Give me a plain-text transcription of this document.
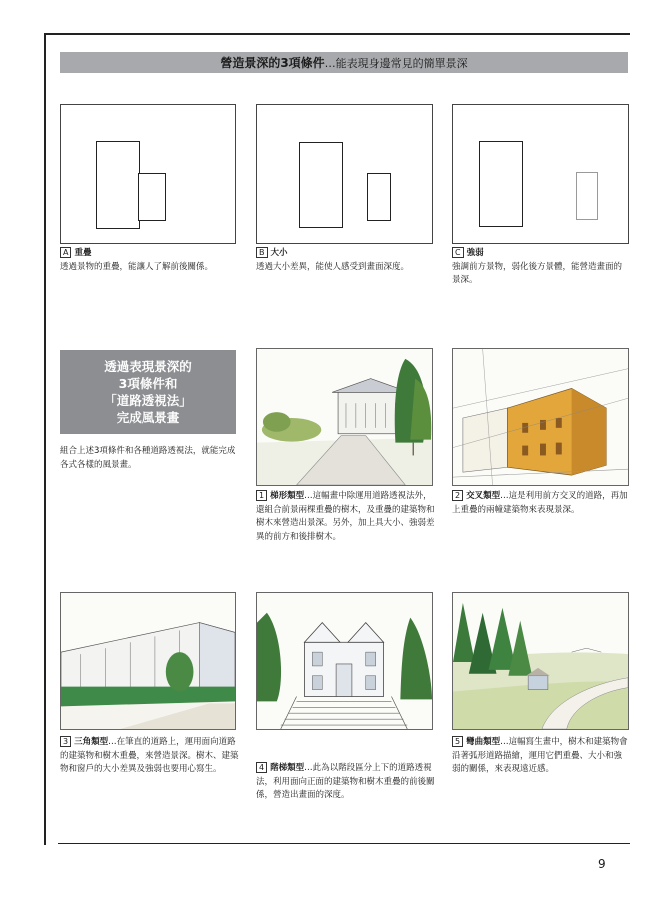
營造景深的3項條件 …能表現身邊常見的簡單景深
A 重疊
透過景物的重疊，能讓人了解前後關係。
B 大小
透過大小差異，能使人感受到畫面深度。
C 強弱
強調前方景物，弱化後方景體，能營造畫面的景深。
透過表現景深的
3項條件和
「道路透視法」
完成風景畫
組合上述3項條件和各種道路透視法，就能完成各式各樣的風景畫。
1 梯形類型…這幅畫中除運用道路透視法外，還組合前景兩棵重疊的樹木，及重疊的建築物和樹木來營造出景深。另外，加上具大小、強弱差異的前方和後排樹木。
2 交叉類型…這是利用前方交叉的道路，再加上重疊的兩幢建築物來表現景深。
3 三角類型…在筆直的道路上，運用面向道路的建築物和樹木重疊，來營造景深。樹木、建築物和窗戶的大小差異及強弱也要用心寫生。	4 階梯類型…此為以階段區分上下的道路透視法，利用面向正面的建築物和樹木重疊的前後關係，營造出畫面的深度。
5 彎曲類型…這幅寫生畫中，樹木和建築物會沿著弧形道路描繪，運用它們重疊、大小和強弱的關係，來表現遠近感。
9
